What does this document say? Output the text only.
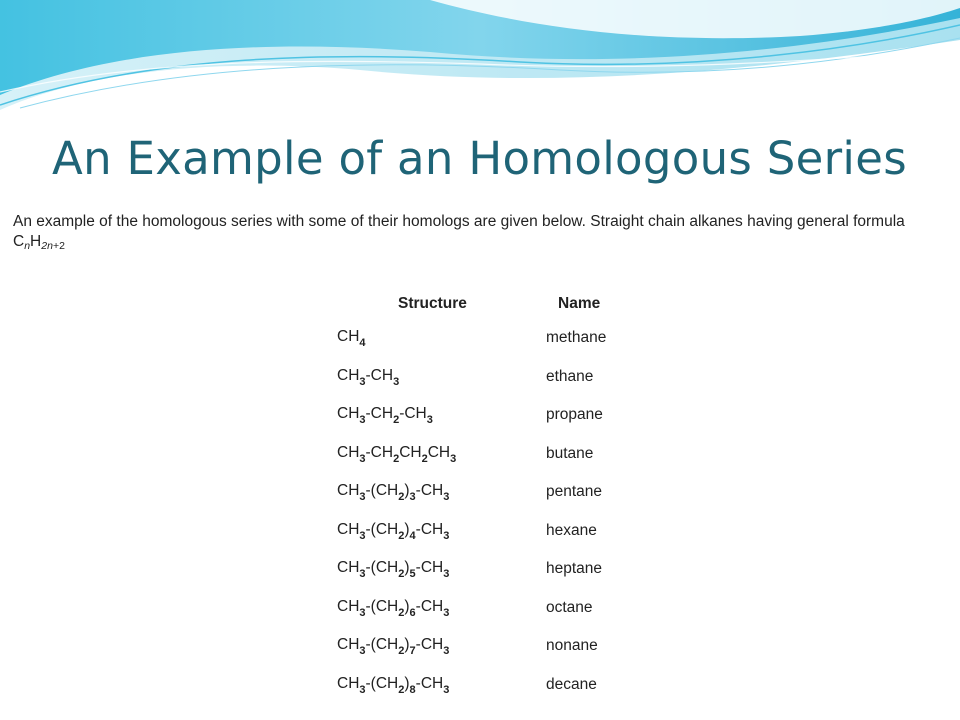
An Example of an Homologous Series
An example of the homologous series with some of their homologs are given below. Straight chain alkanes having general formula $C_nH_{2n+2}$
Structure	Name
$CH_4$	methane
$CH_3-CH_3$	ethane
$CH_3-CH_2-CH_3$	propane
$CH_3-CH_2CH_2CH_3$	butane
$CH_3-(CH_2)_3-CH_3$	pentane
$CH_3-(CH_2)_4-CH_3$	hexane
$CH_3-(CH_2)_5-CH_3$	heptane
$CH_3-(CH_2)_6-CH_3$	octane
$CH_3-(CH_2)_7-CH_3$	nonane
$CH_3-(CH_2)_8-CH_3$	decane
